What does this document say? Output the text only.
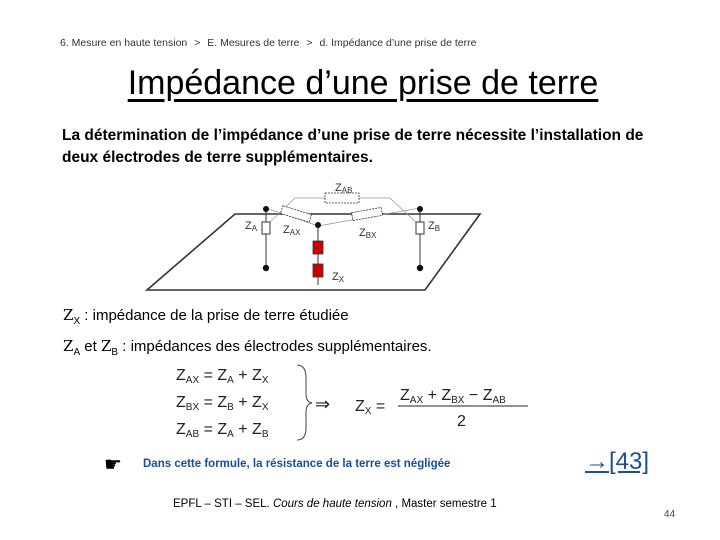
6. Mesure en haute tension > E. Mesures de terre > d. Impédance d’une prise de terre
Impédance d’une prise de terre
La détermination de l’impédance d’une prise de terre nécessite l’installation de deux électrodes de terre supplémentaires.
ZAB
ZA ZAX	ZBX
ZB
ZX
$Z_X$ : impédance de la prise de terre étudiée
$Z_A$ et $Z_B$ : impédances des électrodes supplémentaires.
ZAX = ZA + ZX
ZBX = ZB + ZX
ZAB = ZA + ZB
⇒ ZX =
ZAX + ZBX − ZAB
2
☛ Dans cette formule, la résistance de la terre est négligée	→[43]
EPFL – STI – SEL. Cours de haute tension , Master semestre 1
44
